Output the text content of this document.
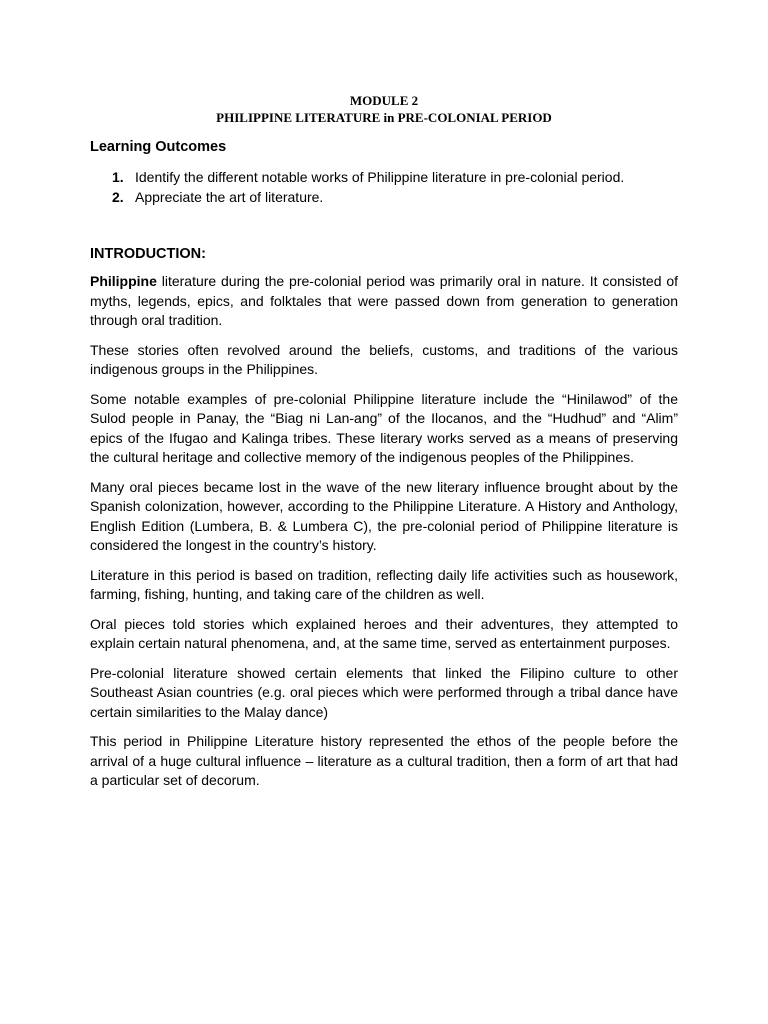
MODULE 2
PHILIPPINE LITERATURE in PRE-COLONIAL PERIOD
Learning Outcomes
1. Identify the different notable works of Philippine literature in pre-colonial period.
2. Appreciate the art of literature.
INTRODUCTION:

Philippine literature during the pre-colonial period was primarily oral in nature. It consisted of myths, legends, epics, and folktales that were passed down from generation to generation through oral tradition.

These stories often revolved around the beliefs, customs, and traditions of the various indigenous groups in the Philippines.

Some notable examples of pre-colonial Philippine literature include the “Hinilawod” of the Sulod people in Panay, the “Biag ni Lan-ang” of the Ilocanos, and the “Hudhud” and “Alim” epics of the Ifugao and Kalinga tribes. These literary works served as a means of preserving the cultural heritage and collective memory of the indigenous peoples of the Philippines.

Many oral pieces became lost in the wave of the new literary influence brought about by the Spanish colonization, however, according to the Philippine Literature. A History and Anthology, English Edition (Lumbera, B. & Lumbera C), the pre-colonial period of Philippine literature is considered the longest in the country’s history.

Literature in this period is based on tradition, reflecting daily life activities such as housework, farming, fishing, hunting, and taking care of the children as well.

Oral pieces told stories which explained heroes and their adventures, they attempted to explain certain natural phenomena, and, at the same time, served as entertainment purposes.

Pre-colonial literature showed certain elements that linked the Filipino culture to other Southeast Asian countries (e.g. oral pieces which were performed through a tribal dance have certain similarities to the Malay dance)

This period in Philippine Literature history represented the ethos of the people before the arrival of a huge cultural influence – literature as a cultural tradition, then a form of art that had a particular set of decorum.
